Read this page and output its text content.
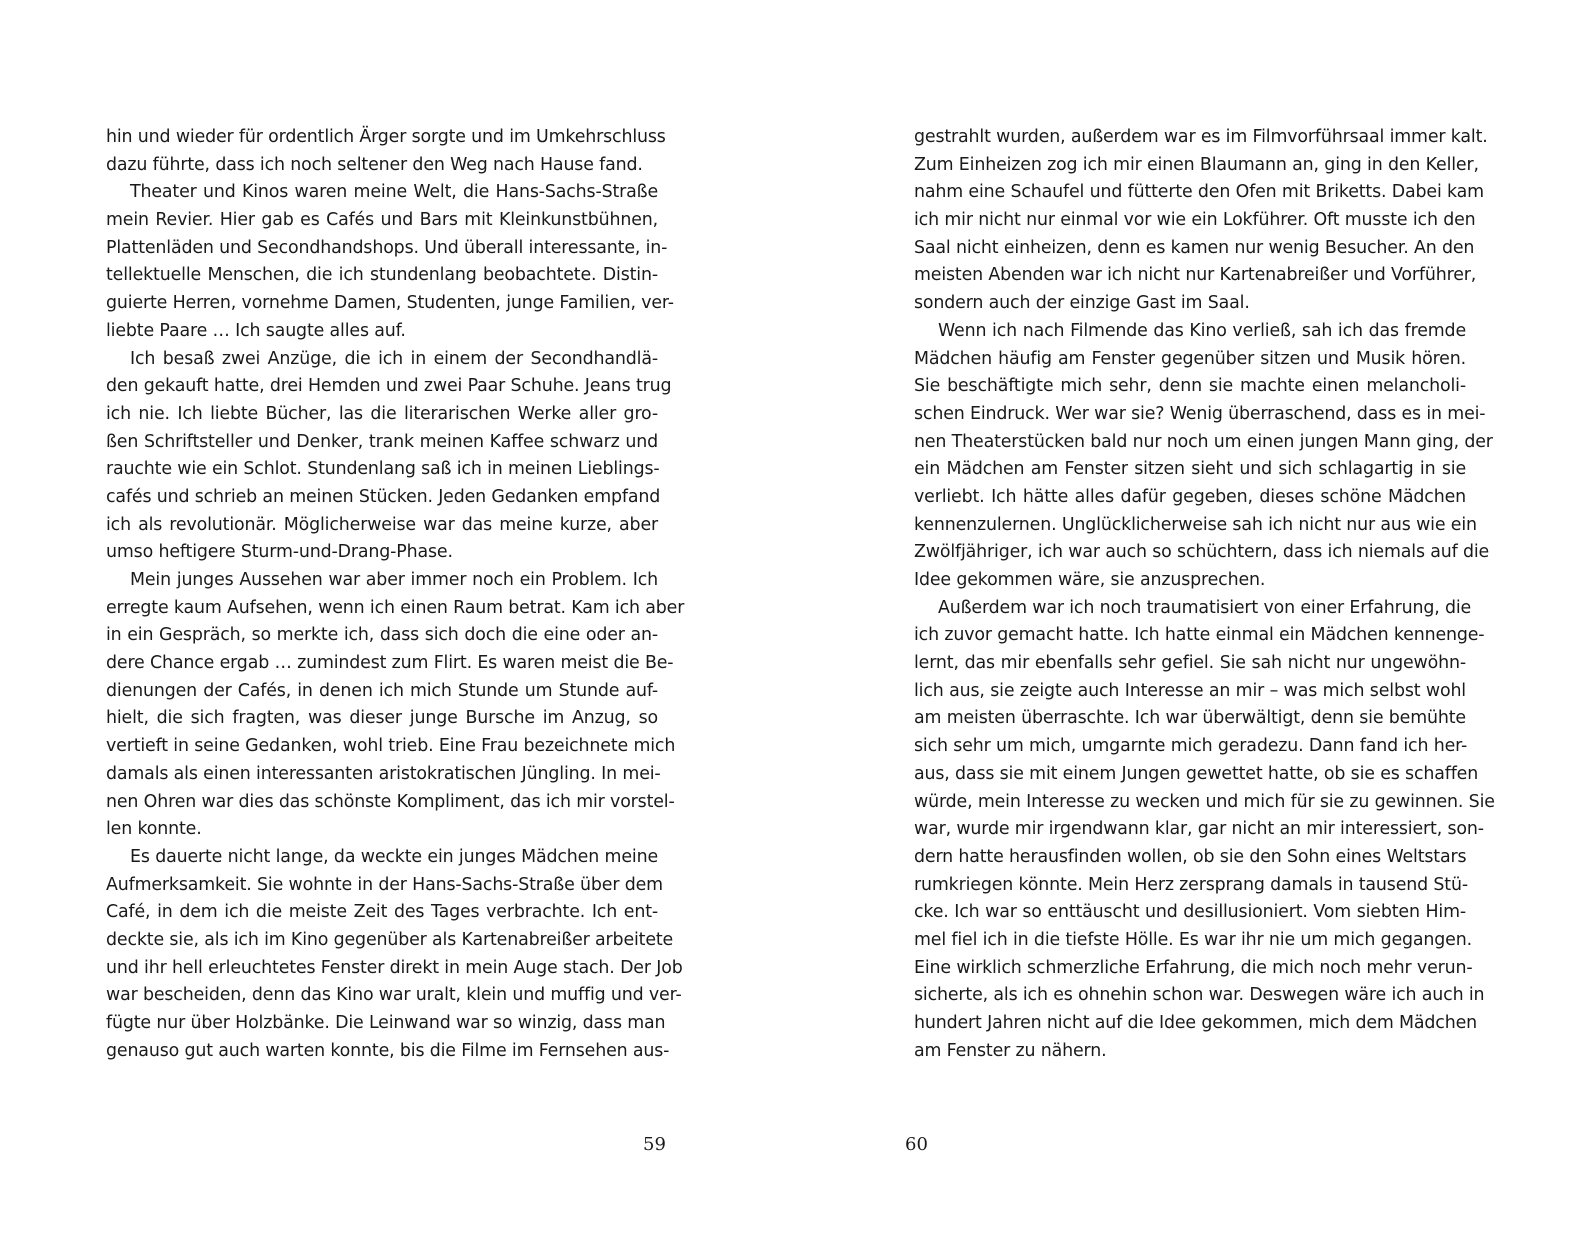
hin und wieder für ordentlich Ärger sorgte und im Umkehrschluss
dazu führte, dass ich noch seltener den Weg nach Hause fand.
Theater und Kinos waren meine Welt, die Hans-Sachs-Straße
mein Revier. Hier gab es Cafés und Bars mit Kleinkunstbühnen,
Plattenläden und Secondhandshops. Und überall interessante, in-
tellektuelle Menschen, die ich stundenlang beobachtete. Distin-
guierte Herren, vornehme Damen, Studenten, junge Familien, ver-
liebte Paare … Ich saugte alles auf.
Ich besaß zwei Anzüge, die ich in einem der Secondhandlä-
den gekauft hatte, drei Hemden und zwei Paar Schuhe. Jeans trug
ich nie. Ich liebte Bücher, las die literarischen Werke aller gro-
ßen Schriftsteller und Denker, trank meinen Kaffee schwarz und
rauchte wie ein Schlot. Stundenlang saß ich in meinen Lieblings-
cafés und schrieb an meinen Stücken. Jeden Gedanken empfand
ich als revolutionär. Möglicherweise war das meine kurze, aber
umso heftigere Sturm-und-Drang-Phase.
Mein junges Aussehen war aber immer noch ein Problem. Ich
erregte kaum Aufsehen, wenn ich einen Raum betrat. Kam ich aber
in ein Gespräch, so merkte ich, dass sich doch die eine oder an-
dere Chance ergab … zumindest zum Flirt. Es waren meist die Be-
dienungen der Cafés, in denen ich mich Stunde um Stunde auf-
hielt, die sich fragten, was dieser junge Bursche im Anzug, so
vertieft in seine Gedanken, wohl trieb. Eine Frau bezeichnete mich
damals als einen interessanten aristokratischen Jüngling. In mei-
nen Ohren war dies das schönste Kompliment, das ich mir vorstel-
len konnte.
Es dauerte nicht lange, da weckte ein junges Mädchen meine
Aufmerksamkeit. Sie wohnte in der Hans-Sachs-Straße über dem
Café, in dem ich die meiste Zeit des Tages verbrachte. Ich ent-
deckte sie, als ich im Kino gegenüber als Kartenabreißer arbeitete
und ihr hell erleuchtetes Fenster direkt in mein Auge stach. Der Job
war bescheiden, denn das Kino war uralt, klein und muffig und ver-
fügte nur über Holzbänke. Die Leinwand war so winzig, dass man
genauso gut auch warten konnte, bis die Filme im Fernsehen aus-
gestrahlt wurden, außerdem war es im Filmvorführsaal immer kalt.
Zum Einheizen zog ich mir einen Blaumann an, ging in den Keller,
nahm eine Schaufel und fütterte den Ofen mit Briketts. Dabei kam
ich mir nicht nur einmal vor wie ein Lokführer. Oft musste ich den
Saal nicht einheizen, denn es kamen nur wenig Besucher. An den
meisten Abenden war ich nicht nur Kartenabreißer und Vorführer,
sondern auch der einzige Gast im Saal.
Wenn ich nach Filmende das Kino verließ, sah ich das fremde
Mädchen häufig am Fenster gegenüber sitzen und Musik hören.
Sie beschäftigte mich sehr, denn sie machte einen melancholi-
schen Eindruck. Wer war sie? Wenig überraschend, dass es in mei-
nen Theaterstücken bald nur noch um einen jungen Mann ging, der
ein Mädchen am Fenster sitzen sieht und sich schlagartig in sie
verliebt. Ich hätte alles dafür gegeben, dieses schöne Mädchen
kennenzulernen. Unglücklicherweise sah ich nicht nur aus wie ein
Zwölfjähriger, ich war auch so schüchtern, dass ich niemals auf die
Idee gekommen wäre, sie anzusprechen.
Außerdem war ich noch traumatisiert von einer Erfahrung, die
ich zuvor gemacht hatte. Ich hatte einmal ein Mädchen kennenge-
lernt, das mir ebenfalls sehr gefiel. Sie sah nicht nur ungewöhn-
lich aus, sie zeigte auch Interesse an mir – was mich selbst wohl
am meisten überraschte. Ich war überwältigt, denn sie bemühte
sich sehr um mich, umgarnte mich geradezu. Dann fand ich her-
aus, dass sie mit einem Jungen gewettet hatte, ob sie es schaffen
würde, mein Interesse zu wecken und mich für sie zu gewinnen. Sie
war, wurde mir irgendwann klar, gar nicht an mir interessiert, son-
dern hatte herausfinden wollen, ob sie den Sohn eines Weltstars
rumkriegen könnte. Mein Herz zersprang damals in tausend Stü-
cke. Ich war so enttäuscht und desillusioniert. Vom siebten Him-
mel fiel ich in die tiefste Hölle. Es war ihr nie um mich gegangen.
Eine wirklich schmerzliche Erfahrung, die mich noch mehr verun-
sicherte, als ich es ohnehin schon war. Deswegen wäre ich auch in
hundert Jahren nicht auf die Idee gekommen, mich dem Mädchen
am Fenster zu nähern.
59	60
